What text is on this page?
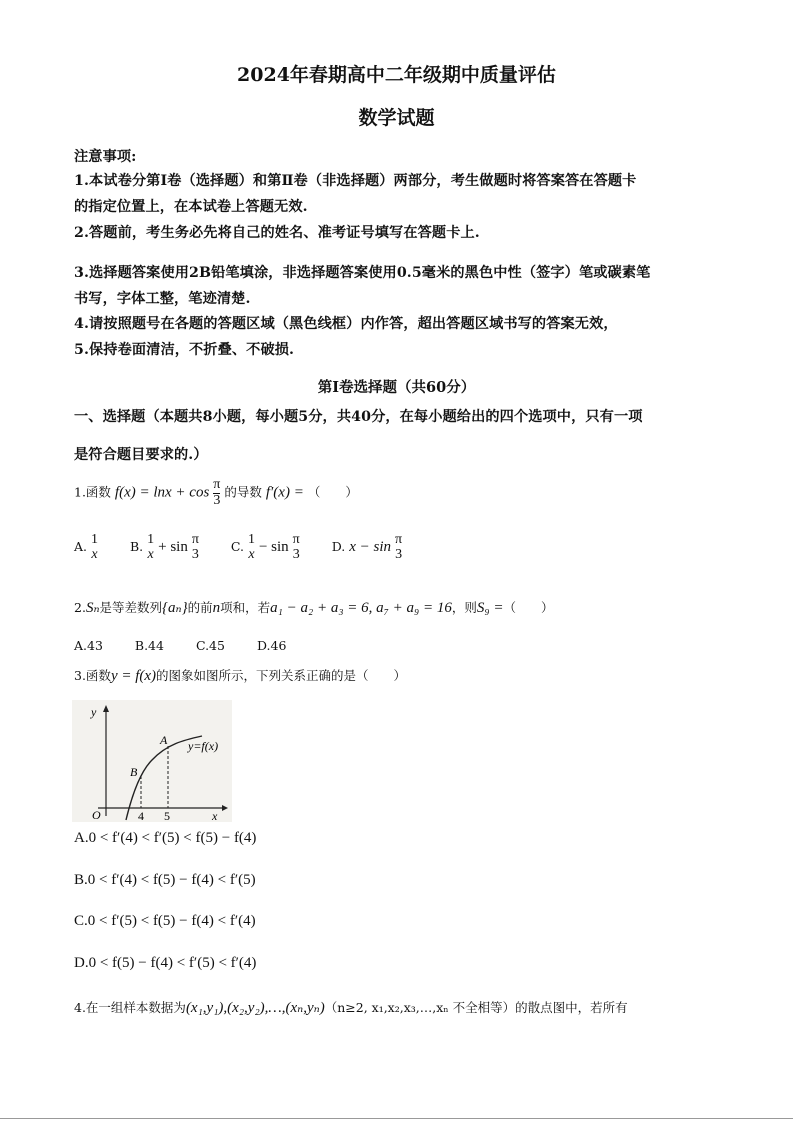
2024年春期高中二年级期中质量评估
数学试题
注意事项:
1.本试卷分第Ⅰ卷（选择题）和第Ⅱ卷（非选择题）两部分，考生做题时将答案答在答题卡
的指定位置上，在本试卷上答题无效.
2.答题前，考生务必先将自己的姓名、准考证号填写在答题卡上.
3.选择题答案使用2B铅笔填涂，非选择题答案使用0.5毫米的黑色中性（签字）笔或碳素笔
书写，字体工整，笔迹清楚.
4.请按照题号在各题的答题区域（黑色线框）内作答，超出答题区域书写的答案无效，
5.保持卷面清洁，不折叠、不破损.
第Ⅰ卷选择题（共60分）
一、选择题（本题共8小题，每小题5分，共40分，在每小题给出的四个选项中，只有一项
是符合题目要求的.）
1.函数 $f(x) = \ln x + \cos \frac{\pi}{3}$ 的导数 f′(x) = （　　）
A. 1
x	B. 1
x + sin π
3	C. 1
x − sin π
3	D. x − sin π
3
2.Sₙ是等差数列{aₙ}的前n项和，若a₁ − a₂ + a₃ = 6, a₇ + a₉ = 16，则S₉ =（　　）
A.43	B.44	C.45	D.46
3.函数y = f(x)的图象如图所示，下列关系正确的是（　　）
y
x
O	4 5
A
B
y=f(x)
A.0 < f′(4) < f′(5) < f(5) − f(4)
B.0 < f′(4) < f(5) − f(4) < f′(5)
C.0 < f′(5) < f(5) − f(4) < f′(4)
D.0 < f(5) − f(4) < f′(5) < f′(4)
4.在一组样本数据为(x₁,y₁),(x₂,y₂),…,(xₙ,yₙ)（n≥2, x₁,x₂,x₃,…,xₙ 不全相等）的散点图中，若所有
